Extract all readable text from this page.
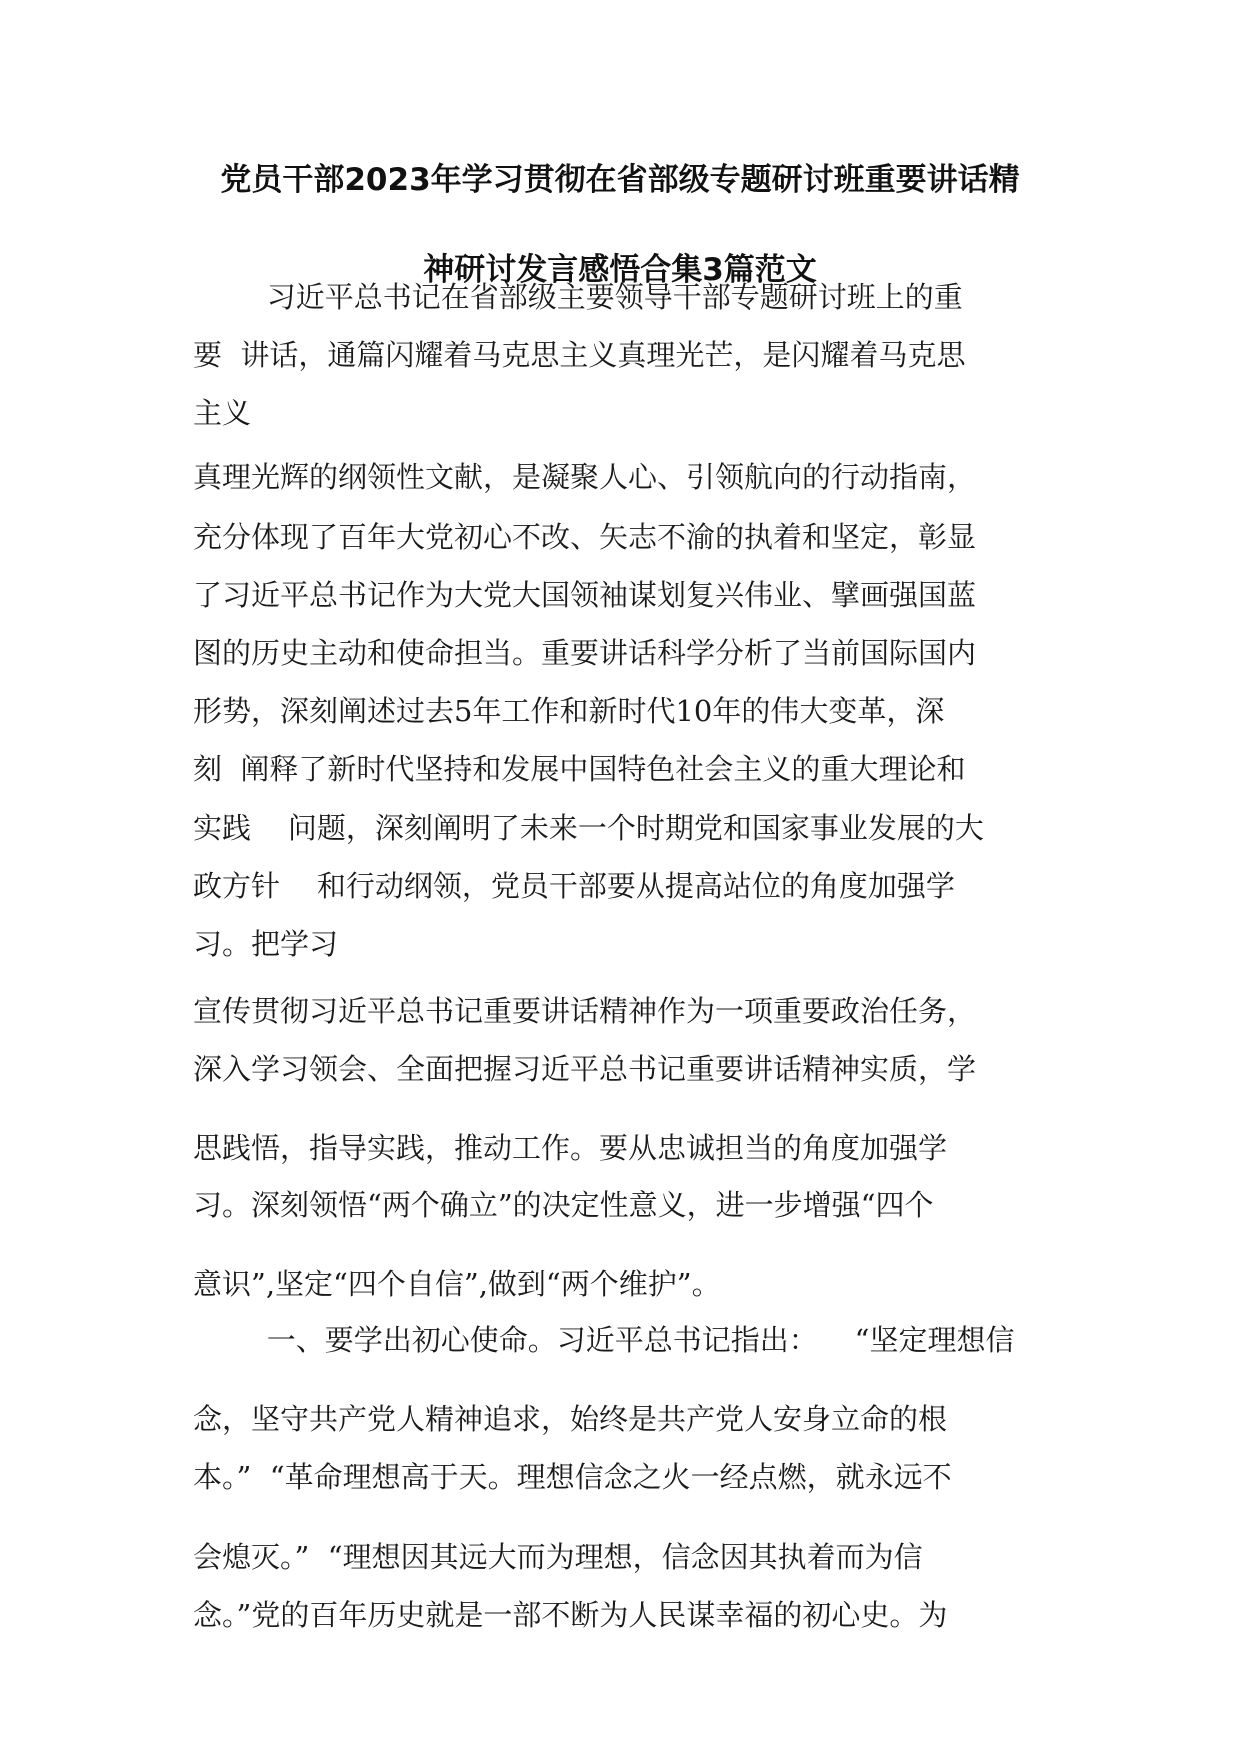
党员干部2023年学习贯彻在省部级专题研讨班重要讲话精
神研讨发言感悟合集3篇范文
习近平总书记在省部级主要领导干部专题研讨班上的重
要  讲话，通篇闪耀着马克思主义真理光芒，是闪耀着马克思
主义
真理光辉的纲领性文献，是凝聚人心、引领航向的行动指南，
充分体现了百年大党初心不改、矢志不渝的执着和坚定，彰显
了习近平总书记作为大党大国领袖谋划复兴伟业、擘画强国蓝
图的历史主动和使命担当。重要讲话科学分析了当前国际国内
形势，深刻阐述过去5年工作和新时代10年的伟大变革，深
刻  阐释了新时代坚持和发展中国特色社会主义的重大理论和
实践    问题，深刻阐明了未来一个时期党和国家事业发展的大
政方针    和行动纲领，党员干部要从提高站位的角度加强学
习。把学习
宣传贯彻习近平总书记重要讲话精神作为一项重要政治任务，
深入学习领会、全面把握习近平总书记重要讲话精神实质，学
思践悟，指导实践，推动工作。要从忠诚担当的角度加强学
习。深刻领悟“两个确立”的决定性意义，进一步增强“四个
意识”,坚定“四个自信”,做到“两个维护”。
一、要学出初心使命。习近平总书记指出：    “坚定理想信
念，坚守共产党人精神追求，始终是共产党人安身立命的根
本。”  “革命理想高于天。理想信念之火一经点燃，就永远不
会熄灭。”  “理想因其远大而为理想，信念因其执着而为信
念。”党的百年历史就是一部不断为人民谋幸福的初心史。为
